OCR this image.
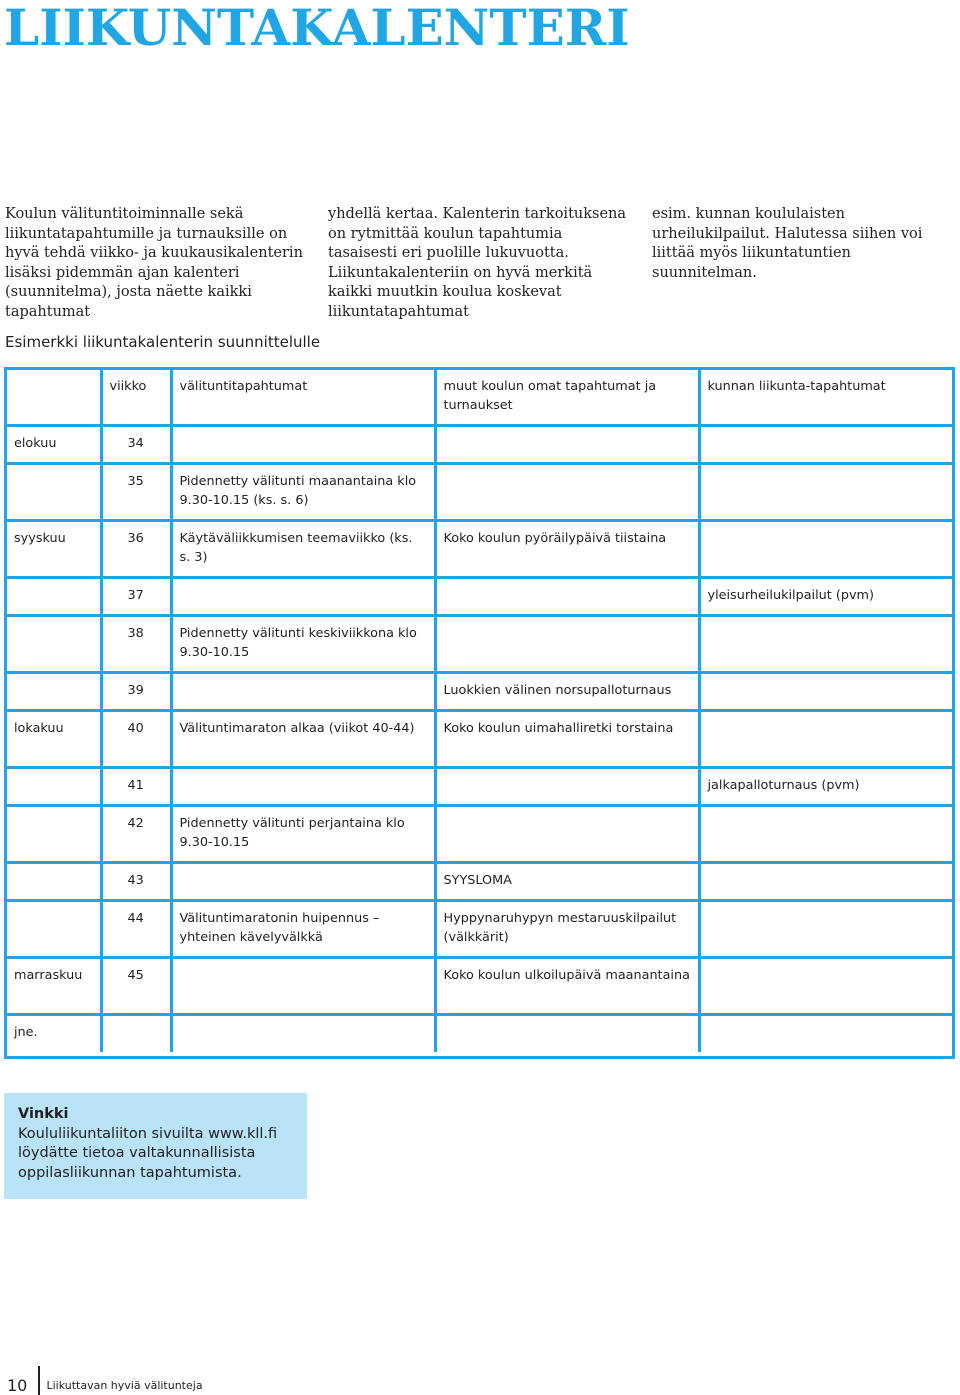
LIIKUNTAKALENTERI

Koulun välituntitoiminnalle sekä liikuntatapahtumille ja turnauksille on hyvä tehdä viikko- ja kuukausikalenterin lisäksi pidemmän ajan kalenteri (suunnitelma), josta näette kaikki tapahtumat

yhdellä kertaa. Kalenterin tarkoituksena on rytmittää koulun tapahtumia tasaisesti eri puolille lukuvuotta. Liikuntakalenteriin on hyvä merkitä kaikki muutkin koulua koskevat liikuntatapahtumat

esim. kunnan koululaisten urheilukilpailut. Halutessa siihen voi liittää myös liikuntatuntien suunnitelman.

Esimerkki liikuntakalenterin suunnittelulle

	viikko	välituntitapahtumat	muut koulun omat tapahtumat ja turnaukset	kunnan liikunta-tapahtumat
elokuu	34			
	35	Pidennetty välitunti maanantaina klo 9.30-10.15 (ks. s. 6)		
syyskuu	36	Käytäväliikkumisen teemaviikko (ks. s. 3)	Koko koulun pyöräilypäivä tiistaina	
	37			yleisurheilukilpailut (pvm)
	38	Pidennetty välitunti keskiviikkona klo 9.30-10.15		
	39		Luokkien välinen norsupalloturnaus	
lokakuu	40	Välituntimaraton alkaa (viikot 40-44)	Koko koulun uimahalliretki torstaina	
	41			jalkapalloturnaus (pvm)
	42	Pidennetty välitunti perjantaina klo 9.30-10.15		
	43		SYYSLOMA	
	44	Välituntimaratonin huipennus – yhteinen kävelyvälkkä	Hyppynaruhypyn mestaruuskilpailut (välkkärit)	
marraskuu	45		Koko koulun ulkoilupäivä maanantaina	
jne.				
Vinkki
Koululiikuntaliiton sivuilta www.kll.fi löydätte tietoa valtakunnallisista oppilasliikunnan tapahtumista.
10 Liikuttavan hyviä välitunteja
